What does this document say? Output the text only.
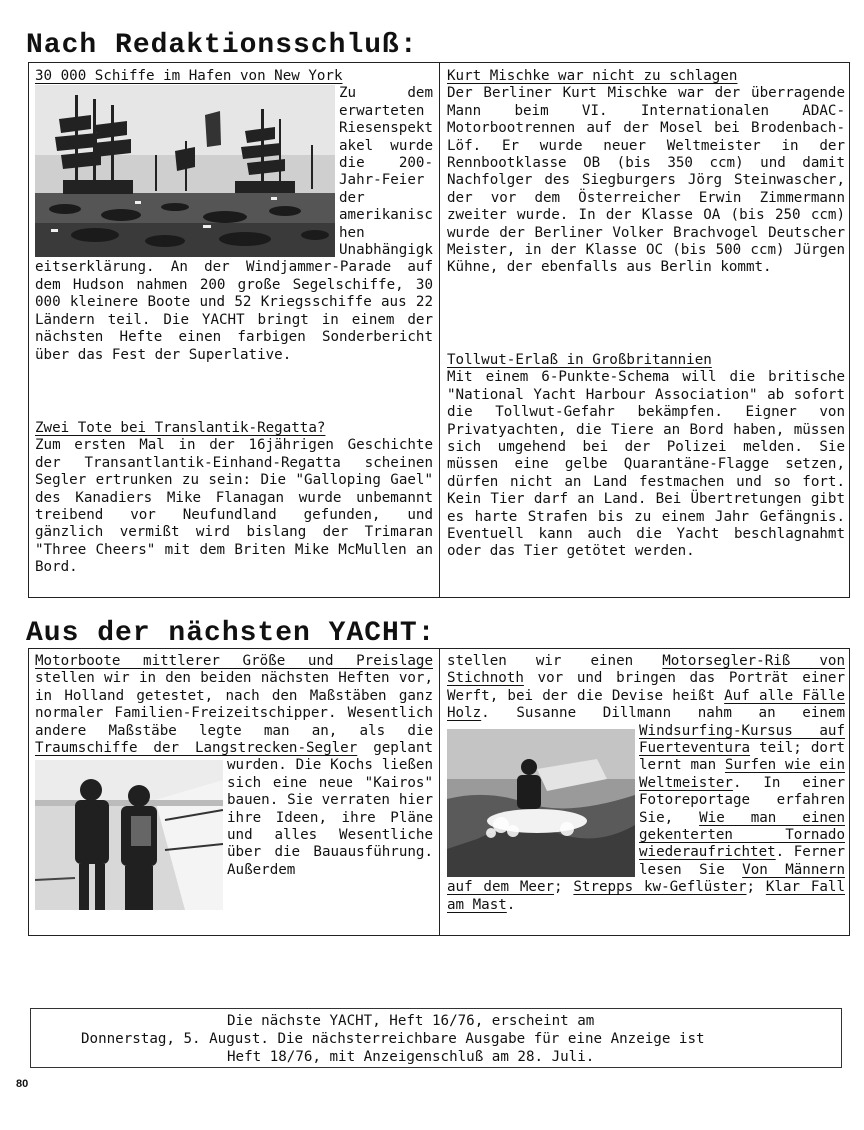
Nach Redaktionsschluß:
30 000 Schiffe im Hafen von New York

Zu dem erwarteten Riesenspektakel wurde die 200-Jahr-Feier der amerikanischen Unabhängigkeitserklärung. An der Windjammer-Parade auf dem Hudson nahmen 200 große Segelschiffe, 30 000 kleinere Boote und 52 Kriegsschiffe aus 22 Ländern teil. Die YACHT bringt in einem der nächsten Hefte einen farbigen Sonderbericht über das Fest der Superlative.

Zwei Tote bei Translantik-Regatta?

Zum ersten Mal in der 16jährigen Geschichte der Transantlantik-Einhand-Regatta scheinen Segler ertrunken zu sein: Die "Galloping Gael" des Kanadiers Mike Flanagan wurde unbemannt treibend vor Neufundland gefunden, und gänzlich vermißt wird bislang der Trimaran "Three Cheers" mit dem Briten Mike McMullen an Bord.

Kurt Mischke war nicht zu schlagen

Der Berliner Kurt Mischke war der überragende Mann beim VI. Internationalen ADAC-Motorbootrennen auf der Mosel bei Brodenbach-Löf. Er wurde neuer Weltmeister in der Rennbootklasse OB (bis 350 ccm) und damit Nachfolger des Siegburgers Jörg Steinwascher, der vor dem Österreicher Erwin Zimmermann zweiter wurde. In der Klasse OA (bis 250 ccm) wurde der Berliner Volker Brachvogel Deutscher Meister, in der Klasse OC (bis 500 ccm) Jürgen Kühne, der ebenfalls aus Berlin kommt.

Tollwut-Erlaß in Großbritannien

Mit einem 6-Punkte-Schema will die britische "National Yacht Harbour Association" ab sofort die Tollwut-Gefahr bekämpfen. Eigner von Privatyachten, die Tiere an Bord haben, müssen sich umgehend bei der Polizei melden. Sie müssen eine gelbe Quarantäne-Flagge setzen, dürfen nicht an Land festmachen und so fort. Kein Tier darf an Land. Bei Übertretungen gibt es harte Strafen bis zu einem Jahr Gefängnis. Eventuell kann auch die Yacht beschlagnahmt oder das Tier getötet werden.

Aus der nächsten YACHT:

Motorboote mittlerer Größe und Preislage stellen wir in den beiden nächsten Heften vor, in Holland getestet, nach den Maßstäben ganz normaler Familien-Freizeitschipper. Wesentlich andere Maßstäbe legte man an, als die Traumschiffe der Langstrecken-Segler
geplant wurden. Die Kochs ließen sich eine neue "Kairos" bauen. Sie verraten hier ihre Ideen, ihre Pläne und alles Wesentliche über die Bauausführung. Außerdem

stellen wir einen Motorsegler-Riß von Stichnoth vor und bringen das Porträt einer Werft, bei der die Devise heißt Auf alle Fälle Holz. Susanne Dillmann nahm an einem
Windsurfing-Kursus auf Fuerteventura teil; dort lernt man Surfen wie ein Weltmeister. In einer Fotoreportage erfahren Sie, Wie man einen gekenterten Tornado wiederaufrichtet. Ferner lesen Sie Von Männern auf dem Meer; Strepps kw-Geflüster; Klar Fall am Mast.

Die nächste YACHT, Heft 16/76, erscheint am
Donnerstag, 5. August. Die nächsterreichbare Ausgabe für eine Anzeige ist
Heft 18/76, mit Anzeigenschluß am 28. Juli.
80
